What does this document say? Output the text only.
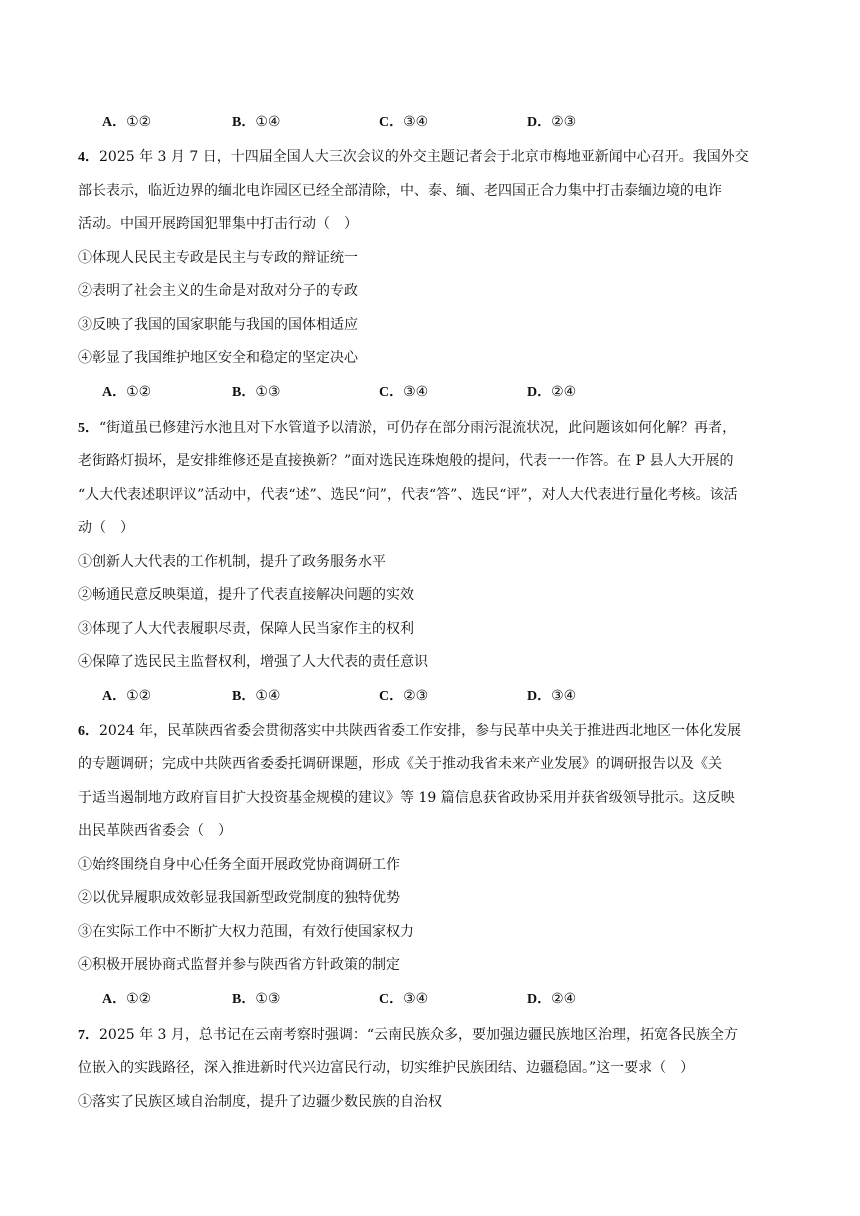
A．①②	B．①④	C．③④	D．②③
4．2025 年 3 月 7 日，十四届全国人大三次会议的外交主题记者会于北京市梅地亚新闻中心召开。我国外交
部长表示，临近边界的缅北电诈园区已经全部清除，中、泰、缅、老四国正合力集中打击泰缅边境的电诈
活动。中国开展跨国犯罪集中打击行动（　）
①体现人民民主专政是民主与专政的辩证统一
②表明了社会主义的生命是对敌对分子的专政
③反映了我国的国家职能与我国的国体相适应
④彰显了我国维护地区安全和稳定的坚定决心
A．①②	B．①③	C．③④	D．②④
5．“街道虽已修建污水池且对下水管道予以清淤，可仍存在部分雨污混流状况，此问题该如何化解？再者，
老街路灯损坏，是安排维修还是直接换新？”面对选民连珠炮般的提问，代表一一作答。在 P 县人大开展的
“人大代表述职评议”活动中，代表“述”、选民“问”，代表“答”、选民“评”，对人大代表进行量化考核。该活
动（　）
①创新人大代表的工作机制，提升了政务服务水平
②畅通民意反映渠道，提升了代表直接解决问题的实效
③体现了人大代表履职尽责，保障人民当家作主的权利
④保障了选民民主监督权利，增强了人大代表的责任意识
A．①②	B．①④	C．②③	D．③④
6．2024 年，民革陕西省委会贯彻落实中共陕西省委工作安排，参与民革中央关于推进西北地区一体化发展
的专题调研；完成中共陕西省委委托调研课题，形成《关于推动我省未来产业发展》的调研报告以及《关
于适当遏制地方政府盲目扩大投资基金规模的建议》等 19 篇信息获省政协采用并获省级领导批示。这反映
出民革陕西省委会（　）
①始终围绕自身中心任务全面开展政党协商调研工作
②以优异履职成效彰显我国新型政党制度的独特优势
③在实际工作中不断扩大权力范围，有效行使国家权力
④积极开展协商式监督并参与陕西省方针政策的制定
A．①②	B．①③	C．③④	D．②④
7．2025 年 3 月，总书记在云南考察时强调：“云南民族众多，要加强边疆民族地区治理，拓宽各民族全方
位嵌入的实践路径，深入推进新时代兴边富民行动，切实维护民族团结、边疆稳固。”这一要求（　）
①落实了民族区域自治制度，提升了边疆少数民族的自治权
